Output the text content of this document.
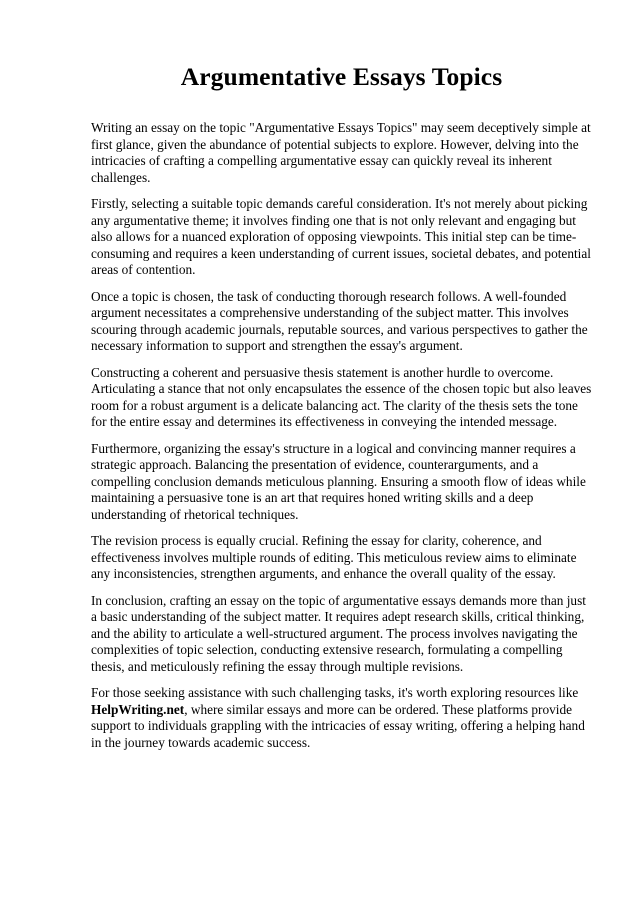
Argumentative Essays Topics

Writing an essay on the topic "Argumentative Essays Topics" may seem deceptively simple at first glance, given the abundance of potential subjects to explore. However, delving into the intricacies of crafting a compelling argumentative essay can quickly reveal its inherent challenges.

Firstly, selecting a suitable topic demands careful consideration. It's not merely about picking any argumentative theme; it involves finding one that is not only relevant and engaging but also allows for a nuanced exploration of opposing viewpoints. This initial step can be time-consuming and requires a keen understanding of current issues, societal debates, and potential areas of contention.

Once a topic is chosen, the task of conducting thorough research follows. A well-founded argument necessitates a comprehensive understanding of the subject matter. This involves scouring through academic journals, reputable sources, and various perspectives to gather the necessary information to support and strengthen the essay's argument.

Constructing a coherent and persuasive thesis statement is another hurdle to overcome. Articulating a stance that not only encapsulates the essence of the chosen topic but also leaves room for a robust argument is a delicate balancing act. The clarity of the thesis sets the tone for the entire essay and determines its effectiveness in conveying the intended message.

Furthermore, organizing the essay's structure in a logical and convincing manner requires a strategic approach. Balancing the presentation of evidence, counterarguments, and a compelling conclusion demands meticulous planning. Ensuring a smooth flow of ideas while maintaining a persuasive tone is an art that requires honed writing skills and a deep understanding of rhetorical techniques.

The revision process is equally crucial. Refining the essay for clarity, coherence, and effectiveness involves multiple rounds of editing. This meticulous review aims to eliminate any inconsistencies, strengthen arguments, and enhance the overall quality of the essay.

In conclusion, crafting an essay on the topic of argumentative essays demands more than just a basic understanding of the subject matter. It requires adept research skills, critical thinking, and the ability to articulate a well-structured argument. The process involves navigating the complexities of topic selection, conducting extensive research, formulating a compelling thesis, and meticulously refining the essay through multiple revisions.

For those seeking assistance with such challenging tasks, it's worth exploring resources like HelpWriting.net, where similar essays and more can be ordered. These platforms provide support to individuals grappling with the intricacies of essay writing, offering a helping hand in the journey towards academic success.
